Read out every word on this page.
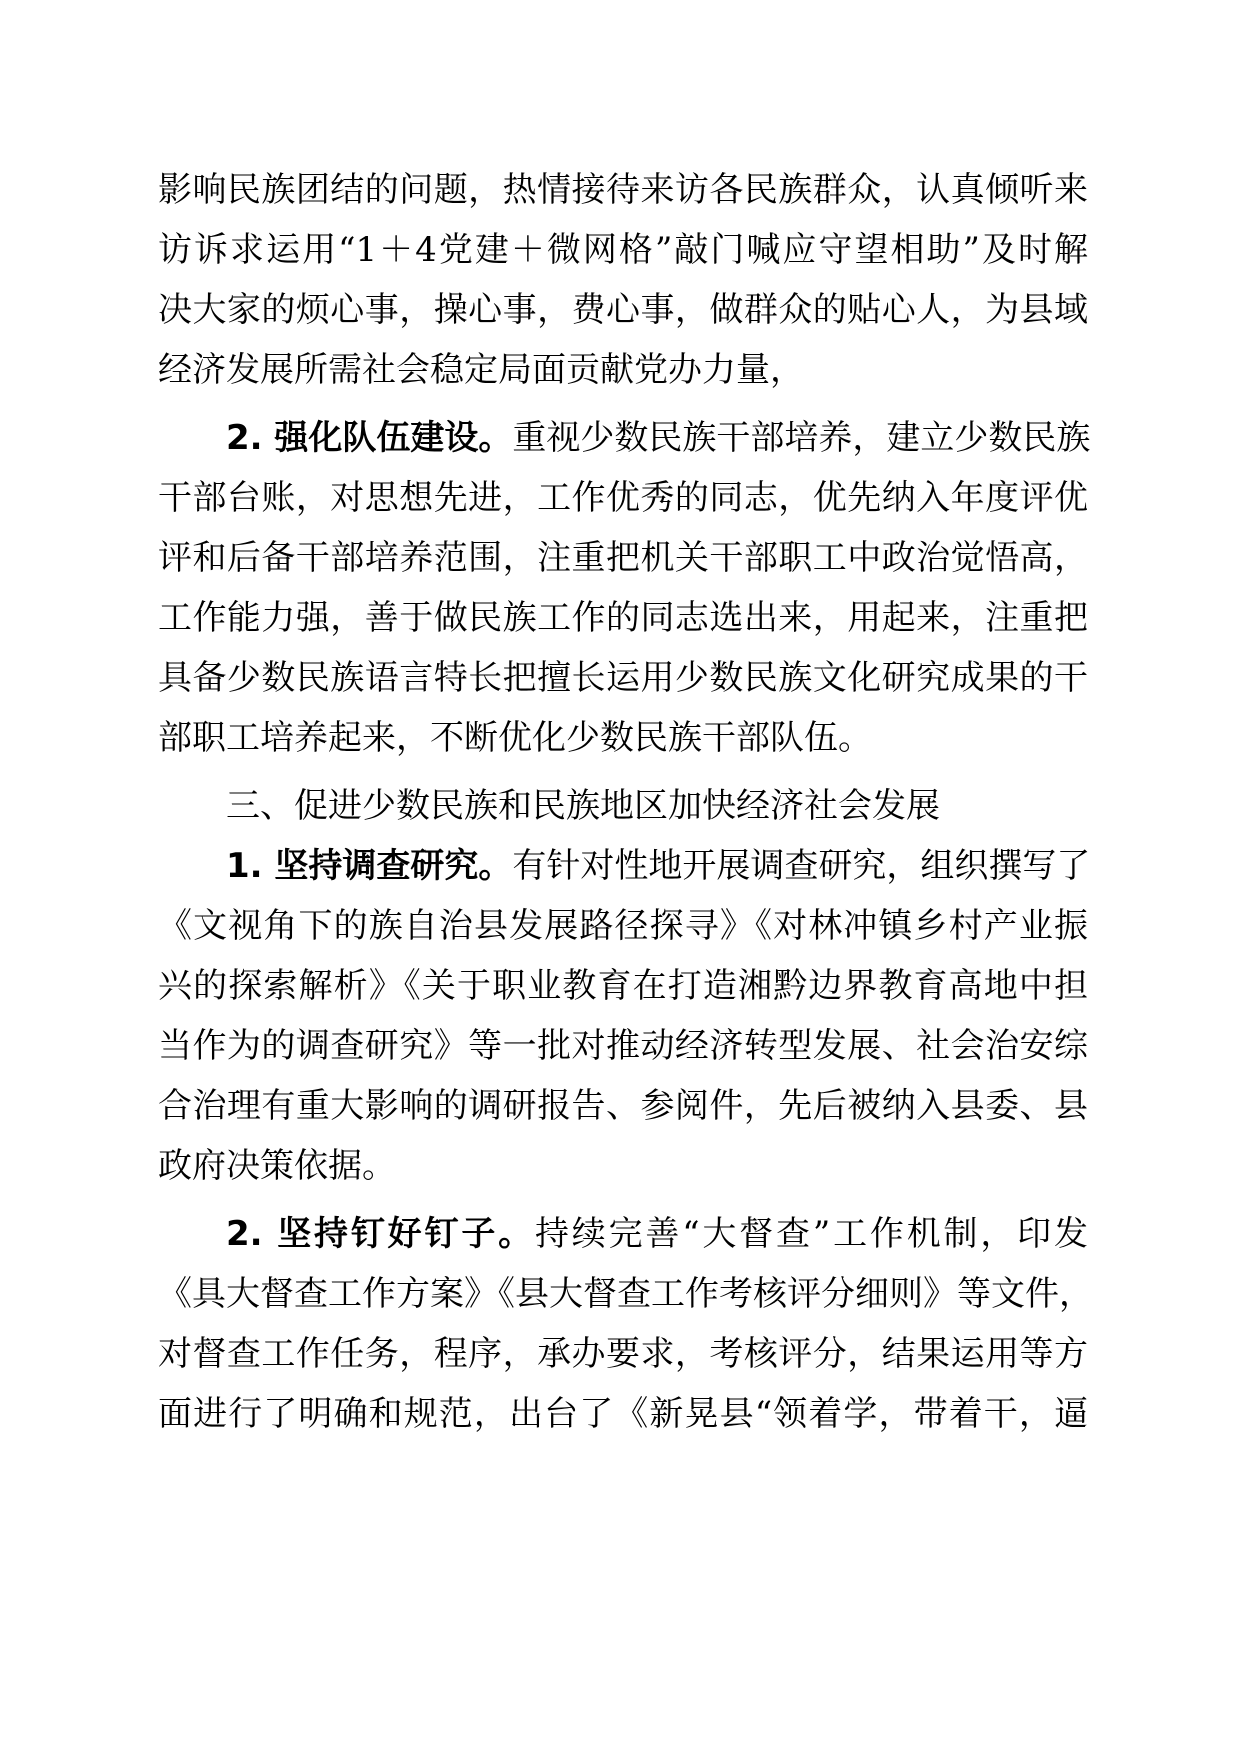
影响民族团结的问题，热情接待来访各民族群众，认真倾听来
访诉求运用“1＋4党建＋微网格”敲门喊应守望相助”及时解
决大家的烦心事，操心事，费心事，做群众的贴心人，为县域
经济发展所需社会稳定局面贡献党办力量，
2. 强化队伍建设。重视少数民族干部培养，建立少数民族
干部台账，对思想先进，工作优秀的同志，优先纳入年度评优
评和后备干部培养范围，注重把机关干部职工中政治觉悟高，
工作能力强，善于做民族工作的同志选出来，用起来，注重把
具备少数民族语言特长把擅长运用少数民族文化研究成果的干
部职工培养起来，不断优化少数民族干部队伍。
三、促进少数民族和民族地区加快经济社会发展
1. 坚持调查研究。有针对性地开展调查研究，组织撰写了
《文视角下的族自治县发展路径探寻》《对林冲镇乡村产业振
兴的探索解析》《关于职业教育在打造湘黔边界教育高地中担
当作为的调查研究》等一批对推动经济转型发展、社会治安综
合治理有重大影响的调研报告、参阅件，先后被纳入县委、县
政府决策依据。
2. 坚持钉好钉子。持续完善“大督查”工作机制，印发
《具大督查工作方案》《县大督查工作考核评分细则》等文件，
对督查工作任务，程序，承办要求，考核评分，结果运用等方
面进行了明确和规范，出台了《新晃县“领着学，带着干，逼
